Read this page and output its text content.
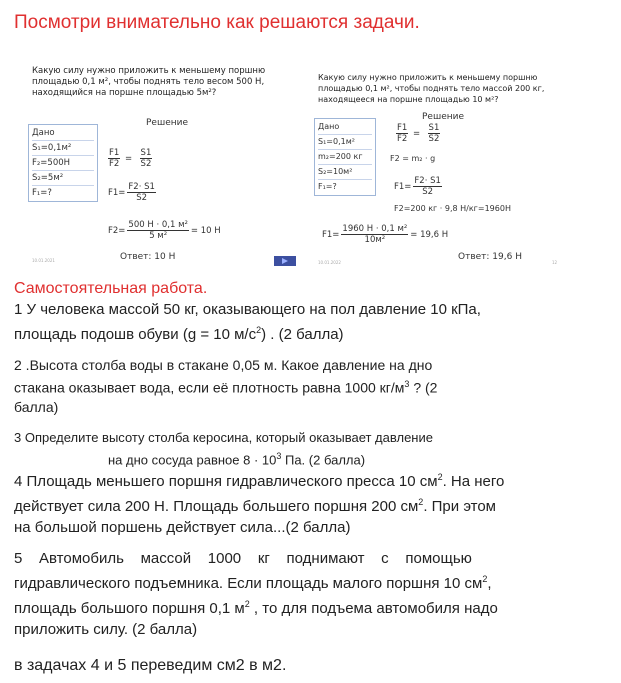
Посмотри внимательно как решаются задачи.
Какую силу нужно приложить к меньшему поршню
площадью 0,1 м², чтобы поднять тело весом 500 Н,
находящийся на поршне площадью 5м²?
Решение
Дано
S₁=0,1м²
F₂=500Н
S₂=5м²
F₁=?
$\frac{F1}{F2} = \frac{S1}{S2}$
$F1= \frac{F2\cdot S1}{S2}$
$F2= \frac{\text{500 Н · 0,1 м²}}{\text{5 м²}} = 10$ Н
Ответ: 10 Н
10.01.2021
Какую силу нужно приложить к меньшему поршню
площадью 0,1 м², чтобы поднять тело массой 200 кг,
находящееся на поршне площадью 10 м²?
Решение
Дано
S₁=0,1м²
m₂=200 кг
S₂=10м²
F₁=?
$\frac{F1}{F2} = \frac{S1}{S2}$
F2 = m₂ · g
$F1= \frac{F2\cdot S1}{S2}$
F2=200 кг · 9,8 Н/кг=1960Н
$F1= \frac{\text{1960 Н · 0,1 м²}}{\text{10м²}} = 19,6$ Н
Ответ: 19,6 Н
10.01.2022	12
Самостоятельная работа.
1 У человека массой 50 кг, оказывающего на пол давление 10 кПа,
площадь подошв обуви (g = 10 $м/с^2$) . (2 балла)
2 .Высота столба воды в стакане 0,05 м. Какое давление на дно
стакана оказывает вода, если её плотность равна 1000 $кг/м^3$ ? (2
балла)
3 Определите высоту столба керосина, который оказывает давление
на дно сосуда равное $8 \cdot 10^3$ Па. (2 балла)
4 Площадь меньшего поршня гидравлического пресса 10 $см^2$. На него
действует сила 200 Н. Площадь большего поршня 200 $см^2$. При этом
на большой поршень действует сила...(2 балла)
5    Автомобиль    массой    1000    кг    поднимают    с    помощью
гидравлического подъемника. Если площадь малого поршня 10 $см^2$,
площадь большого поршня 0,1 $м^2$ , то для подъема автомобиля надо
приложить силу. (2 балла)
в задачах 4 и 5 переведим см2 в м2.
